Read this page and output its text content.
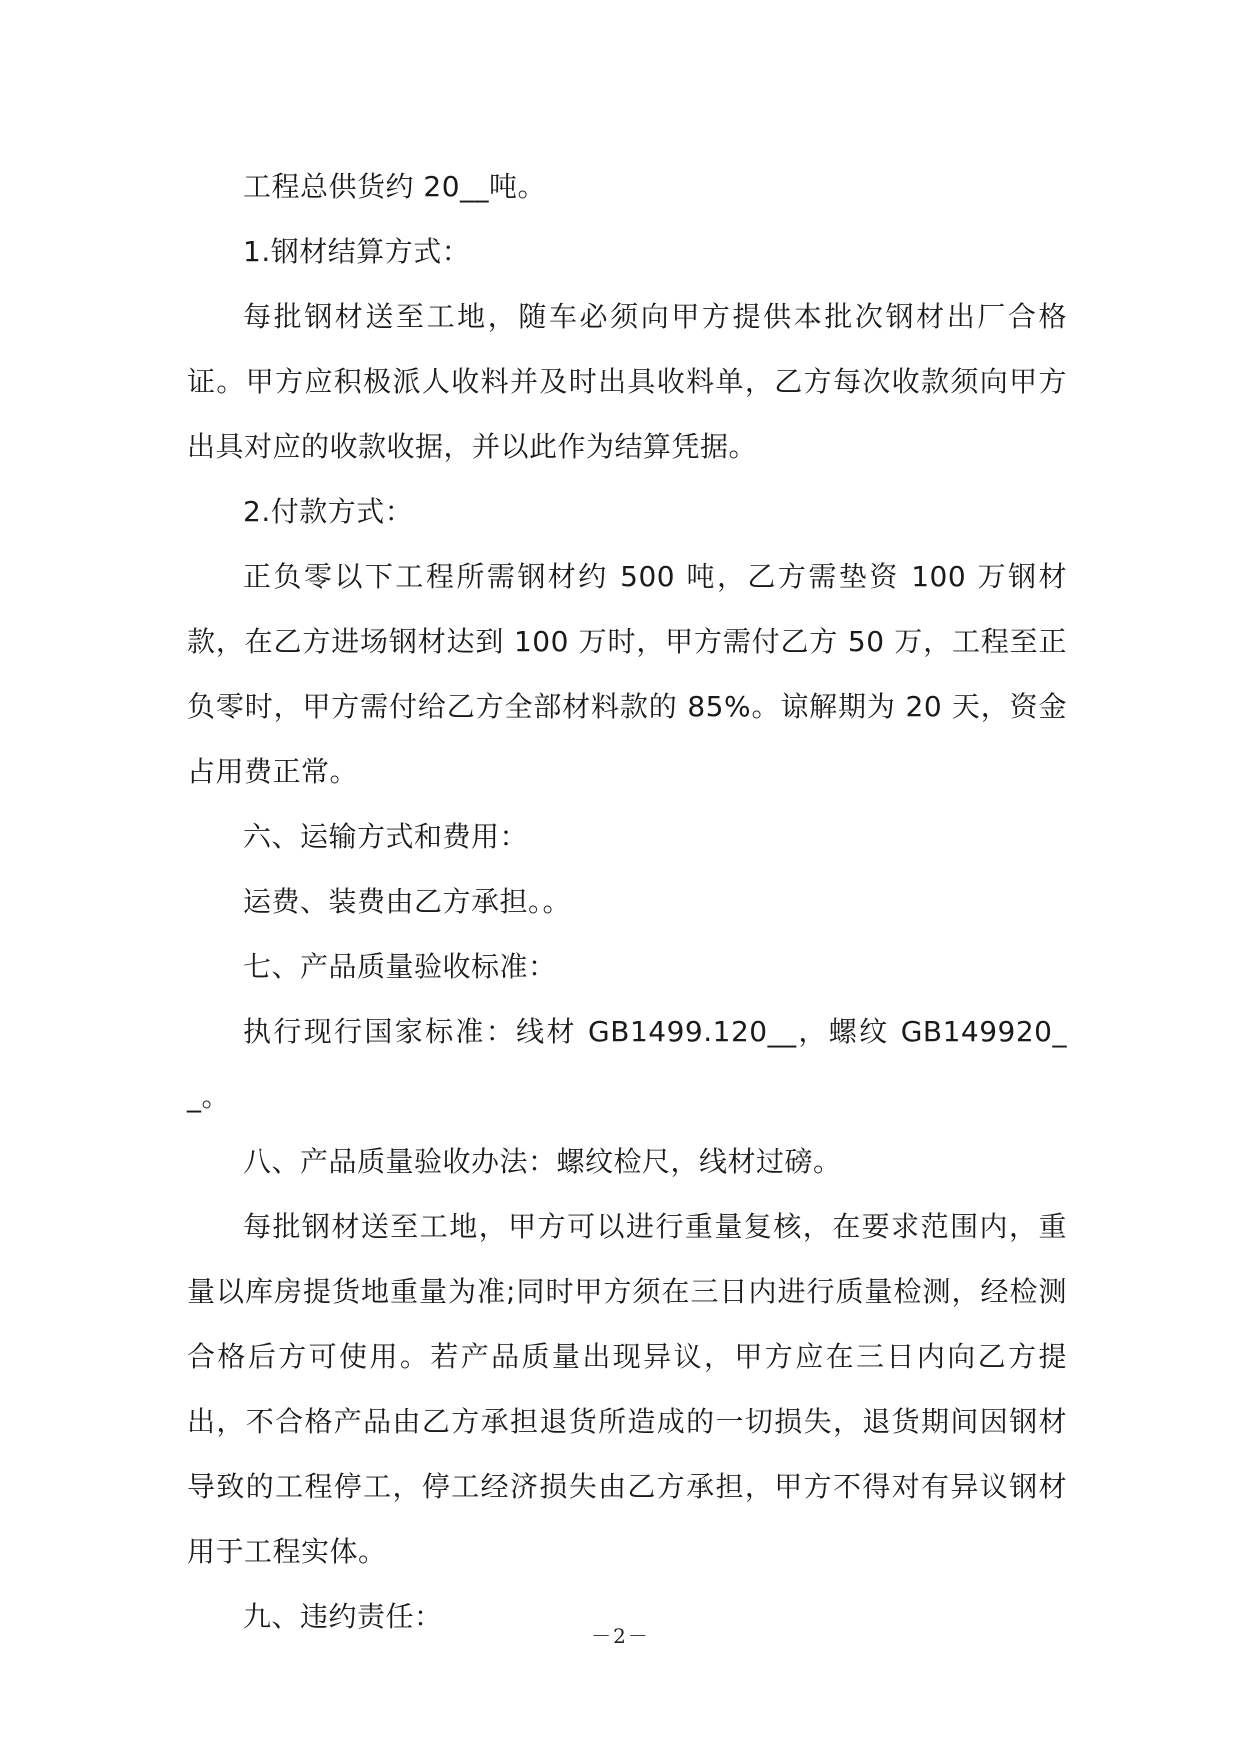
工程总供货约 20__吨。

1.钢材结算方式：

每批钢材送至工地，随车必须向甲方提供本批次钢材出厂合格证。甲方应积极派人收料并及时出具收料单，乙方每次收款须向甲方出具对应的收款收据，并以此作为结算凭据。

2.付款方式：

正负零以下工程所需钢材约 500 吨，乙方需垫资 100 万钢材款，在乙方进场钢材达到 100 万时，甲方需付乙方 50 万，工程至正负零时，甲方需付给乙方全部材料款的 85%。谅解期为 20 天，资金占用费正常。

六、运输方式和费用：

运费、装费由乙方承担。。

七、产品质量验收标准：

执行现行国家标准：线材 GB1499.120__，螺纹 GB149920__。

八、产品质量验收办法：螺纹检尺，线材过磅。

每批钢材送至工地，甲方可以进行重量复核，在要求范围内，重量以库房提货地重量为准;同时甲方须在三日内进行质量检测，经检测合格后方可使用。若产品质量出现异议，甲方应在三日内向乙方提出，不合格产品由乙方承担退货所造成的一切损失，退货期间因钢材导致的工程停工，停工经济损失由乙方承担，甲方不得对有异议钢材用于工程实体。

九、违约责任：

－2－
